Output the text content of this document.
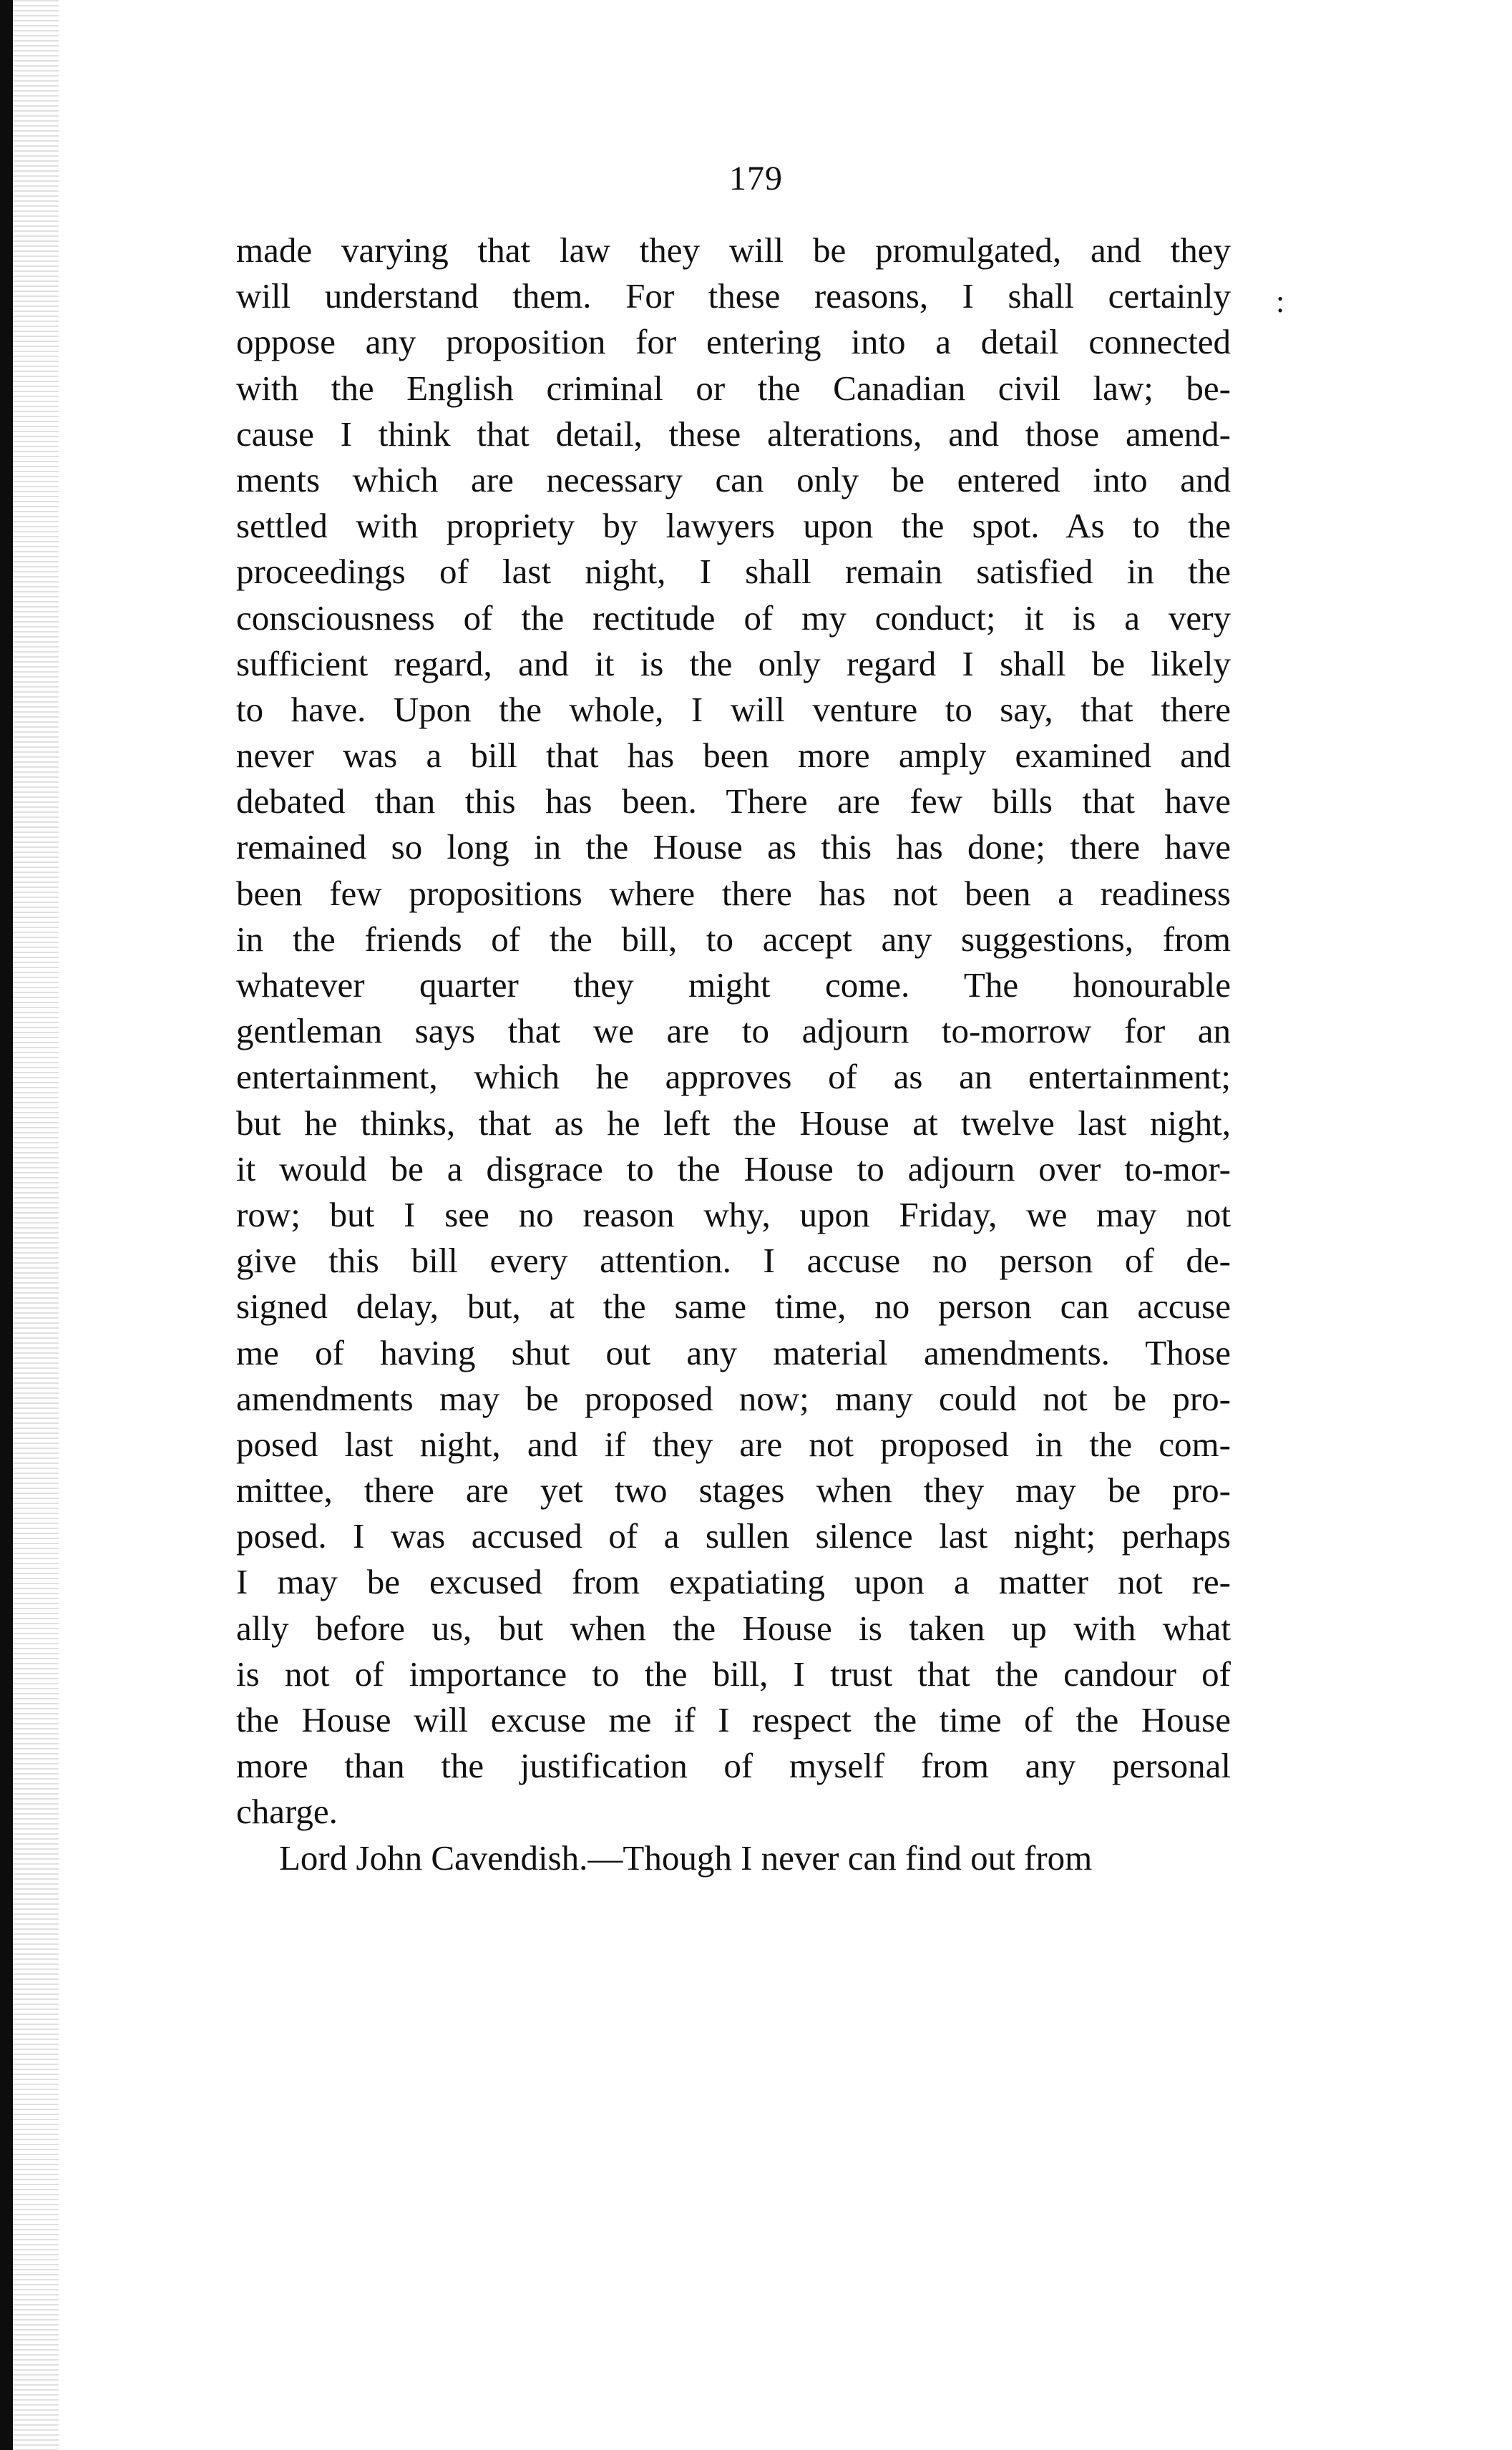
179
:
made varying that law they will be promulgated, and they
will understand them. For these reasons, I shall certainly
oppose any proposition for entering into a detail connected
with the English criminal or the Canadian civil law; be-
cause I think that detail, these alterations, and those amend-
ments which are necessary can only be entered into and
settled with propriety by lawyers upon the spot. As to the
proceedings of last night, I shall remain satisfied in the
consciousness of the rectitude of my conduct; it is a very
sufficient regard, and it is the only regard I shall be likely
to have. Upon the whole, I will venture to say, that there
never was a bill that has been more amply examined and
debated than this has been. There are few bills that have
remained so long in the House as this has done; there have
been few propositions where there has not been a readiness
in the friends of the bill, to accept any suggestions, from
whatever quarter they might come. The honourable
gentleman says that we are to adjourn to-morrow for an
entertainment, which he approves of as an entertainment;
but he thinks, that as he left the House at twelve last night,
it would be a disgrace to the House to adjourn over to-mor-
row; but I see no reason why, upon Friday, we may not
give this bill every attention. I accuse no person of de-
signed delay, but, at the same time, no person can accuse
me of having shut out any material amendments. Those
amendments may be proposed now; many could not be pro-
posed last night, and if they are not proposed in the com-
mittee, there are yet two stages when they may be pro-
posed. I was accused of a sullen silence last night; perhaps
I may be excused from expatiating upon a matter not re-
ally before us, but when the House is taken up with what
is not of importance to the bill, I trust that the candour of
the House will excuse me if I respect the time of the House
more than the justification of myself from any personal
charge.
Lord John Cavendish.—Though I never can find out from
